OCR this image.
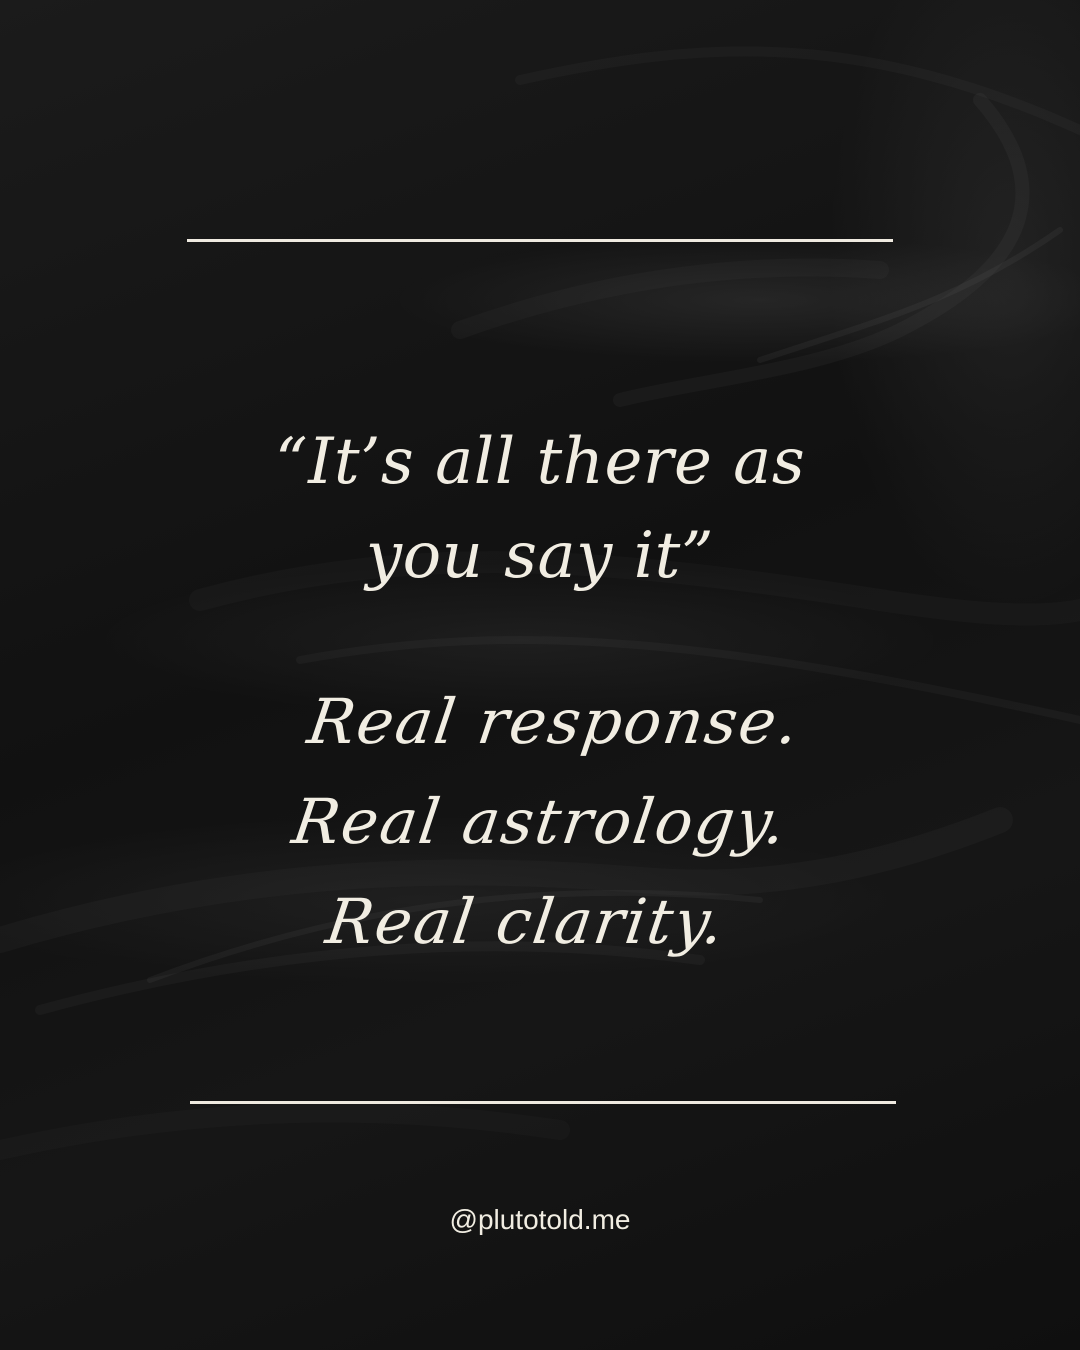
“It’s all there as
you say it”
Real response.
Real astrology.
Real clarity.
@plutotold.me
